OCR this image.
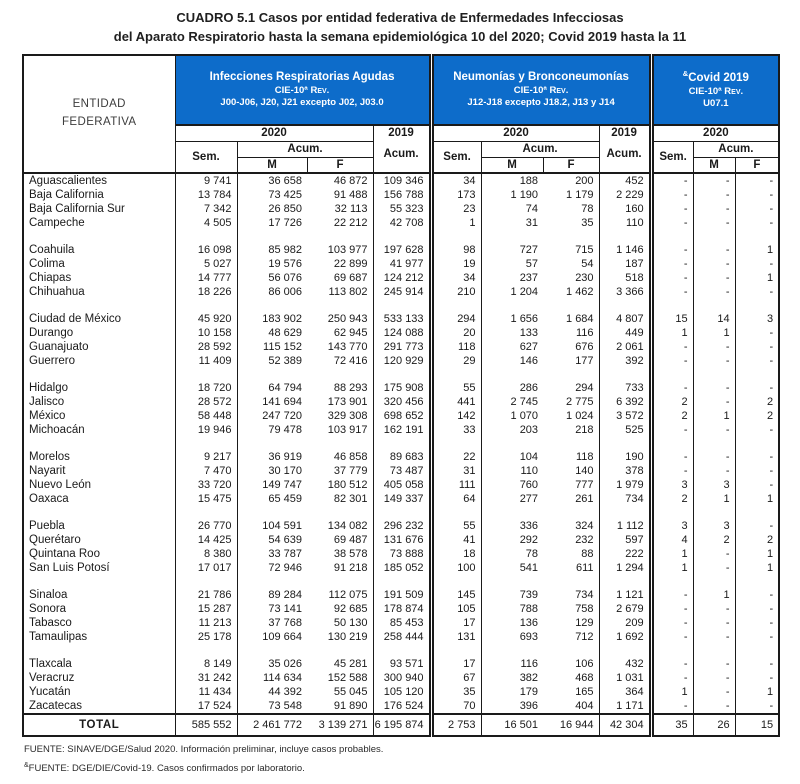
CUADRO 5.1 Casos por entidad federativa de Enfermedades Infecciosas
del Aparato Respiratorio hasta la semana epidemiológica 10 del 2020; Covid 2019 hasta la 11
ENTIDAD
FEDERATIVA

Infecciones Respiratorias Agudas
CIE-10ª Rev.
J00-J06, J20, J21 excepto J02, J03.0

Neumonías y Bronconeumonías
CIE-10ª Rev.
J12-J18 excepto J18.2, J13 y J14

&Covid 2019
CIE-10ª Rev.
U07.1

2020	2019
Acum.
	2020	2019
Acum.
	2020
	Sem.	Acum.			Sem.	Acum.			Sem.	Acum.	
		M	F			M	F			M	F
Aguascalientes	9 741	36 658	46 872	109 346	34	188	200	452	-	-	-
Baja California	13 784	73 425	91 488	156 788	173	1 190	1 179	2 229	-	-	-
Baja California Sur	7 342	26 850	32 113	55 323	23	74	78	160	-	-	-
Campeche	4 505	17 726	22 212	42 708	1	31	35	110	-	-	-

Coahuila	16 098	85 982	103 977	197 628	98	727	715	1 146	-	-	1
Colima	5 027	19 576	22 899	41 977	19	57	54	187	-	-	-
Chiapas	14 777	56 076	69 687	124 212	34	237	230	518	-	-	1
Chihuahua	18 226	86 006	113 802	245 914	210	1 204	1 462	3 366	-	-	-

Ciudad de México	45 920	183 902	250 943	533 133	294	1 656	1 684	4 807	15	14	3
Durango	10 158	48 629	62 945	124 088	20	133	116	449	1	1	-
Guanajuato	28 592	115 152	143 770	291 773	118	627	676	2 061	-	-	-
Guerrero	11 409	52 389	72 416	120 929	29	146	177	392	-	-	-

Hidalgo	18 720	64 794	88 293	175 908	55	286	294	733	-	-	-
Jalisco	28 572	141 694	173 901	320 456	441	2 745	2 775	6 392	2	-	2
México	58 448	247 720	329 308	698 652	142	1 070	1 024	3 572	2	1	2
Michoacán	19 946	79 478	103 917	162 191	33	203	218	525	-	-	-

Morelos	9 217	36 919	46 858	89 683	22	104	118	190	-	-	-
Nayarit	7 470	30 170	37 779	73 487	31	110	140	378	-	-	-
Nuevo León	33 720	149 747	180 512	405 058	111	760	777	1 979	3	3	-
Oaxaca	15 475	65 459	82 301	149 337	64	277	261	734	2	1	1

Puebla	26 770	104 591	134 082	296 232	55	336	324	1 112	3	3	-
Querétaro	14 425	54 639	69 487	131 676	41	292	232	597	4	2	2
Quintana Roo	8 380	33 787	38 578	73 888	18	78	88	222	1	-	1
San Luis Potosí	17 017	72 946	91 218	185 052	100	541	611	1 294	1	-	1

Sinaloa	21 786	89 284	112 075	191 509	145	739	734	1 121	-	1	-
Sonora	15 287	73 141	92 685	178 874	105	788	758	2 679	-	-	-
Tabasco	11 213	37 768	50 130	85 453	17	136	129	209	-	-	-
Tamaulipas	25 178	109 664	130 219	258 444	131	693	712	1 692	-	-	-

Tlaxcala	8 149	35 026	45 281	93 571	17	116	106	432	-	-	-
Veracruz	31 242	114 634	152 588	300 940	67	382	468	1 031	-	-	-
Yucatán	11 434	44 392	55 045	105 120	35	179	165	364	1	-	1
Zacatecas	17 524	73 548	91 890	176 524	70	396	404	1 171	-	-	-
TOTAL	585 552	2 461 772	3 139 271	6 195 874	2 753	16 501	16 944	42 304	35	26	15
FUENTE: SINAVE/DGE/Salud 2020. Información preliminar, incluye casos probables.
&FUENTE: DGE/DIE/Covid-19. Casos confirmados por laboratorio.
